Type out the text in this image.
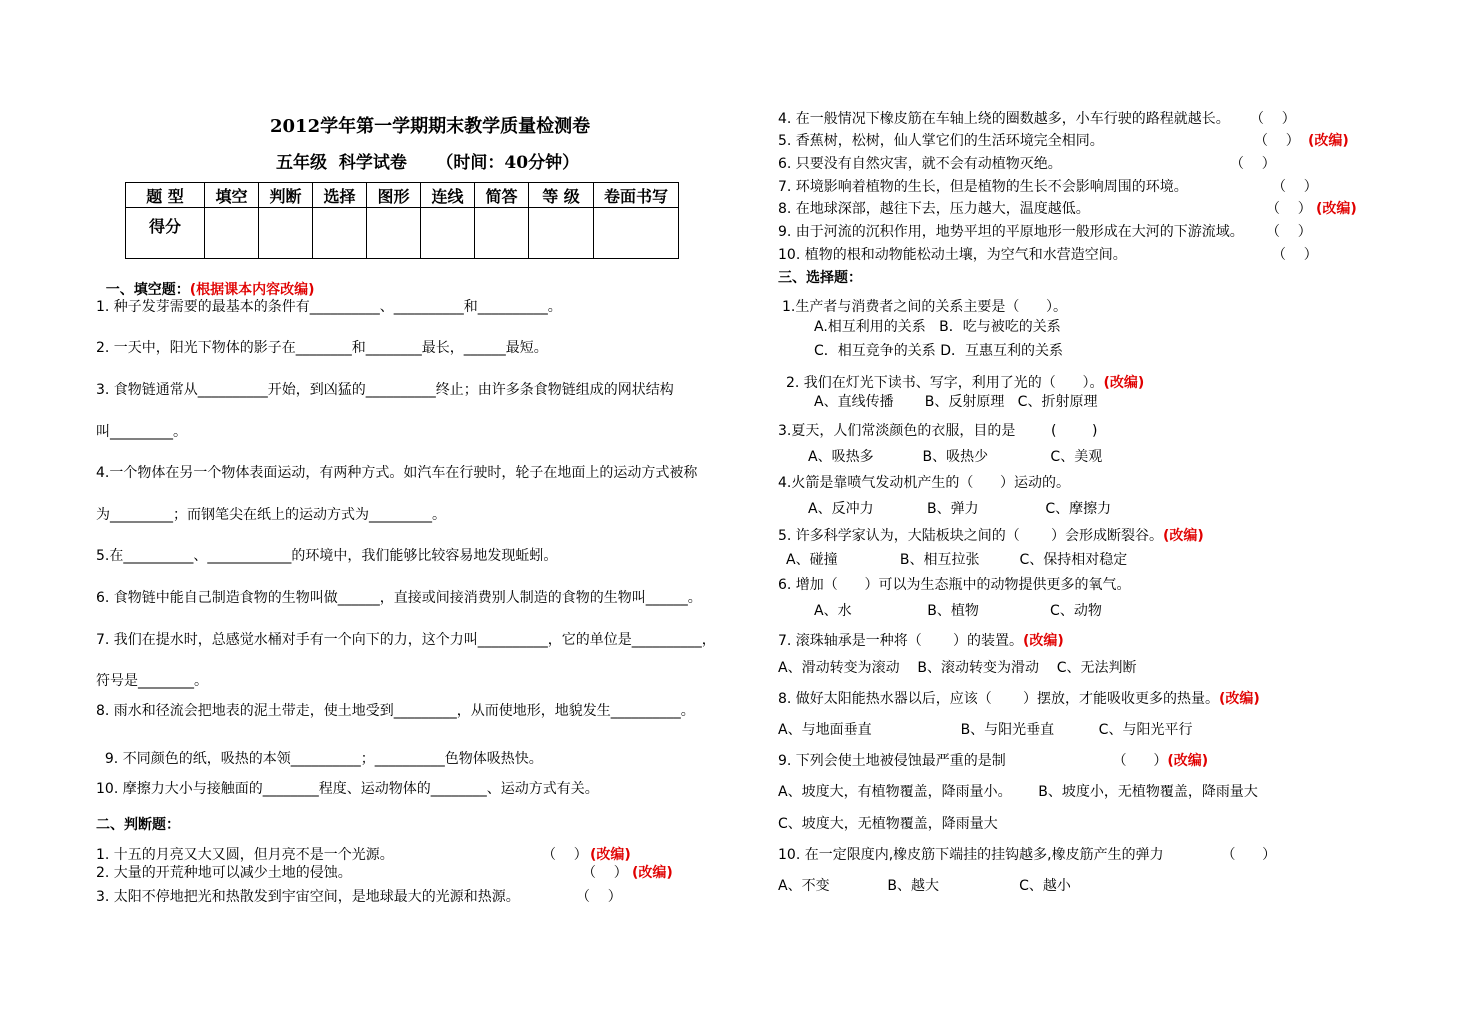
2012学年第一学期期末教学质量检测卷
五年级  科学试卷     （时间：40分钟）
题 型	填空	判断	选择	图形	连线	简答	等 级	卷面书写
得分								

一、填空题：(根据课本内容改编)

1. 种子发芽需要的最基本的条件有__________、__________和__________。
2. 一天中，阳光下物体的影子在________和________最长，______最短。
3. 食物链通常从__________开始，到凶猛的__________终止；由许多条食物链组成的网状结构
叫_________。
4.一个物体在另一个物体表面运动，有两种方式。如汽车在行驶时，轮子在地面上的运动方式被称
为_________；而钢笔尖在纸上的运动方式为_________。
5.在__________、____________的环境中，我们能够比较容易地发现蚯蚓。
6. 食物链中能自己制造食物的生物叫做______，直接或间接消费别人制造的食物的生物叫______。
7. 我们在提水时，总感觉水桶对手有一个向下的力，这个力叫__________，它的单位是__________，
符号是________。
8. 雨水和径流会把地表的泥土带走，使土地受到_________，从而使地形，地貌发生__________。
9. 不同颜色的纸，吸热的本领__________；__________色物体吸热快。
10. 摩擦力大小与接触面的________程度、运动物体的________、运动方式有关。
二、判断题：
1. 十五的月亮又大又圆，但月亮不是一个光源。	（    ） (改编)
2. 大量的开荒种地可以减少土地的侵蚀。	（    ） (改编)
3. 太阳不停地把光和热散发到宇宙空间，是地球最大的光源和热源。	（    ）
4. 在一般情况下橡皮筋在车轴上绕的圈数越多，小车行驶的路程就越长。 （    ）
5. 香蕉树，松树，仙人掌它们的生活环境完全相同。	（    ） (改编)
6. 只要没有自然灾害，就不会有动植物灭绝。	（    ）
7. 环境影响着植物的生长，但是植物的生长不会影响周围的环境。	（    ）
8. 在地球深部，越往下去，压力越大，温度越低。	（    ） (改编)
9. 由于河流的沉积作用，地势平坦的平原地形一般形成在大河的下游流域。 （    ）
10. 植物的根和动物能松动土壤，为空气和水营造空间。	（    ）
三、选择题：
1.生产者与消费者之间的关系主要是（      ）。
A.相互利用的关系   B．吃与被吃的关系
C．相互竞争的关系 D．互惠互利的关系
2. 我们在灯光下读书、写字，利用了光的（      ）。(改编)
A、直线传播       B、反射原理   C、折射原理
3.夏天，人们常淡颜色的衣服，目的是        (        )
A、吸热多           B、吸热少              C、美观
4.火箭是靠喷气发动机产生的（      ）运动的。
A、反冲力            B、弹力               C、摩擦力
5. 许多科学家认为，大陆板块之间的（       ）会形成断裂谷。(改编)
A、碰撞              B、相互拉张         C、保持相对稳定
6. 增加（      ）可以为生态瓶中的动物提供更多的氧气。
A、水                 B、植物                C、动物
7. 滚珠轴承是一种将（       ）的装置。(改编)
A、滑动转变为滚动    B、滚动转变为滑动    C、无法判断
8. 做好太阳能热水器以后，应该（       ）摆放，才能吸收更多的热量。(改编)
A、与地面垂直                    B、与阳光垂直          C、与阳光平行
9. 下列会使土地被侵蚀最严重的是制                        （      ）(改编)
A、坡度大，有植物覆盖，降雨量小。      B、坡度小，无植物覆盖，降雨量大
C、坡度大，无植物覆盖，降雨量大
10. 在一定限度内,橡皮筋下端挂的挂钩越多,橡皮筋产生的弹力             （      ）
A、不变             B、越大                  C、越小
